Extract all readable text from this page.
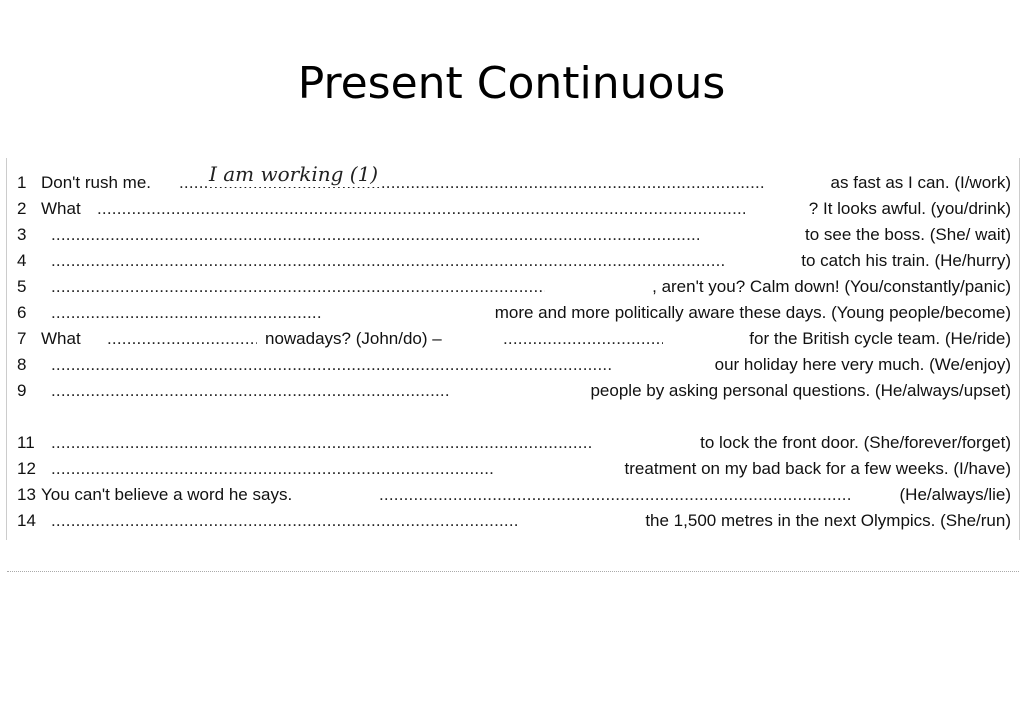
Present Continuous
1 Don't rush me. .....	I am working (1)	as fast as I can. (I/work)
2 What .....	? It looks awful. (you/drink)
3 .....	to see the boss. (She/ wait)
4 .....	to catch his train. (He/hurry)
5 .....	, aren't you? Calm down! (You/constantly/panic)
6 .....	more and more politically aware these days. (Young people/become)
7 What .....	nowadays? (John/do) – .....	for the British cycle team. (He/ride)
8 .....	our holiday here very much. (We/enjoy)
9 .....	people by asking personal questions. (He/always/upset)
11 .....	to lock the front door. (She/forever/forget)
12 .....	treatment on my bad back for a few weeks. (I/have)
13 You can't believe a word he says. .....	(He/always/lie)
14 .....	the 1,500 metres in the next Olympics. (She/run)
